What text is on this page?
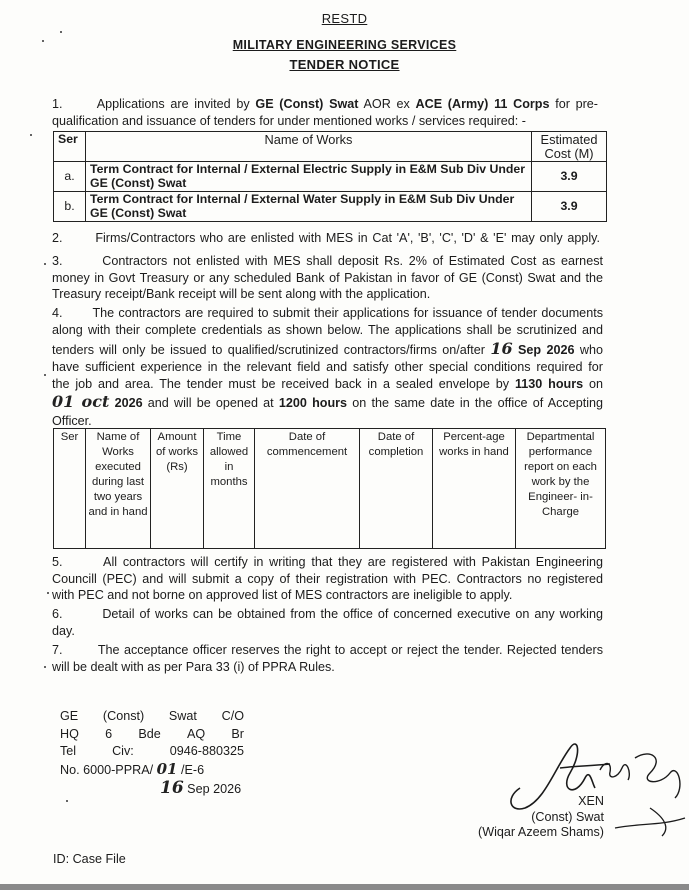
RESTD
MILITARY ENGINEERING SERVICES
TENDER NOTICE
1.	Applications are invited by GE (Const) Swat AOR ex ACE (Army) 11 Corps for pre-
qualification and issuance of tenders for under mentioned works / services required: -
Ser	Name of Works	Estimated Cost (M)
a.	Term Contract for Internal / External Electric Supply in E&M Sub Div Under GE (Const) Swat	3.9
b.	Term Contract for Internal / External Water Supply in E&M Sub Div Under GE (Const) Swat	3.9
2.	Firms/Contractors who are enlisted with MES in Cat 'A', 'B', 'C', 'D' & 'E' may only apply.
3.	Contractors not enlisted with MES shall deposit Rs. 2% of Estimated Cost as earnest
money in Govt Treasury or any scheduled Bank of Pakistan in favor of GE (Const) Swat and the
Treasury receipt/Bank receipt will be sent along with the application.
4. The contractors are required to submit their applications for issuance of tender documents
along with their complete credentials as shown below. The applications shall be scrutinized and
tenders will only be issued to qualified/scrutinized contractors/firms on/after 16 Sep 2026 who
have sufficient experience in the relevant field and satisfy other special conditions required for
the job and area. The tender must be received back in a sealed envelope by 1130 hours on
01 oct 2026 and will be opened at 1200 hours on the same date in the office of Accepting
Officer.
Ser	Name of Works executed during last two years and in hand	Amount of works (Rs)	Time allowed in months	Date of commencement	Date of completion	Percent-age works in hand	Departmental performance report on each work by the Engineer- in-Charge
5.	All contractors will certify in writing that they are registered with Pakistan Engineering
Councill (PEC) and will submit a copy of their registration with PEC. Contractors no registered
with PEC and not borne on approved list of MES contractors are ineligible to apply.
6.	Detail of works can be obtained from the office of concerned executive on any working
day.
7.	The acceptance officer reserves the right to accept or reject the tender. Rejected tenders
will be dealt with as per Para 33 (i) of PPRA Rules.
GE (Const) Swat C/O
HQ 6 Bde AQ Br
Tel	Civ:	0946-880325
No. 6000-PPRA/ 01 /E-6
16 Sep 2026
XEN
(Const) Swat
(Wiqar Azeem Shams)
ID: Case File
